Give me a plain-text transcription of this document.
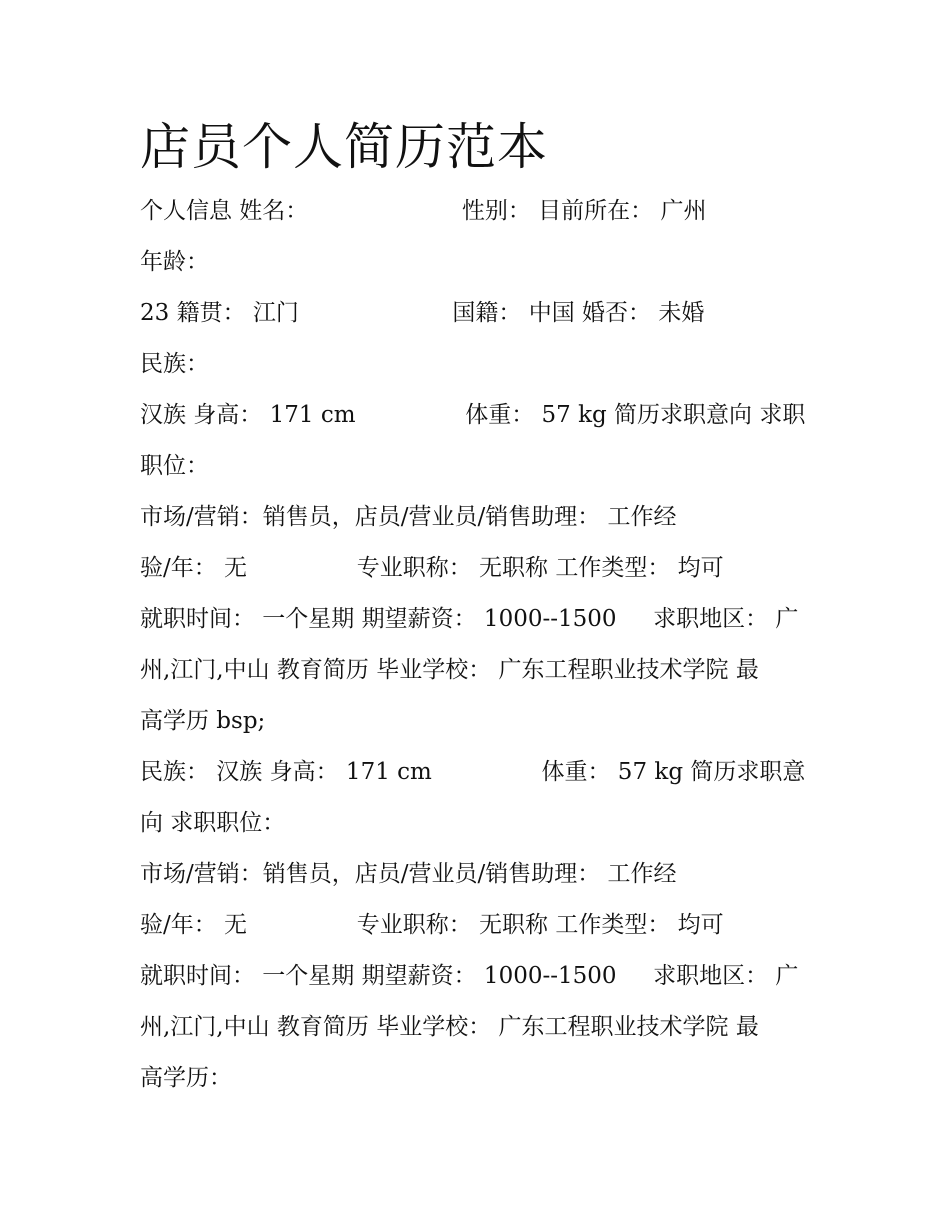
店员个人简历范本
个人信息 姓名：                     性别： 目前所在： 广州
年龄：
23 籍贯： 江门                     国籍： 中国 婚否： 未婚
民族：
汉族 身高： 171 cm               体重： 57 kg 简历求职意向 求职
职位：
市场/营销：销售员，店员/营业员/销售助理： 工作经
验/年： 无               专业职称： 无职称 工作类型： 均可
就职时间： 一个星期 期望薪资： 1000--1500     求职地区： 广
州,江门,中山 教育简历 毕业学校： 广东工程职业技术学院 最
高学历 bsp;
民族： 汉族 身高： 171 cm               体重： 57 kg 简历求职意
向 求职职位：
市场/营销：销售员，店员/营业员/销售助理： 工作经
验/年： 无               专业职称： 无职称 工作类型： 均可
就职时间： 一个星期 期望薪资： 1000--1500     求职地区： 广
州,江门,中山 教育简历 毕业学校： 广东工程职业技术学院 最
高学历：
